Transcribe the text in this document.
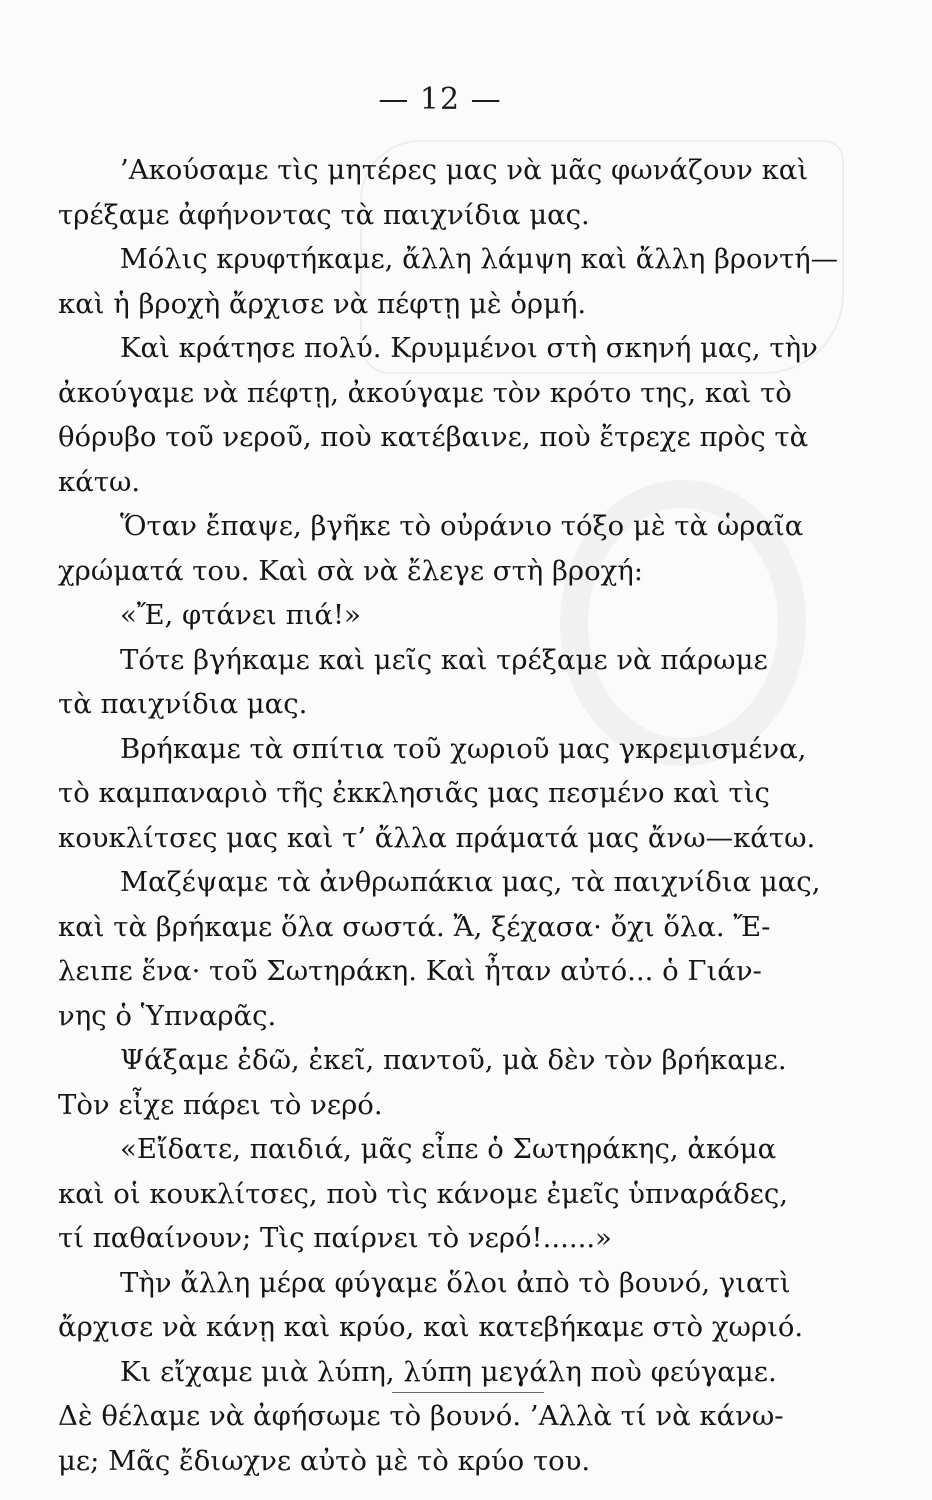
— 12 —
’Ακούσαμε τὶς μητέρες μας νὰ μᾶς φωνάζουν καὶ
τρέξαμε ἀφήνοντας τὰ παιχνίδια μας.
Μόλις κρυφτήκαμε, ἄλλη λάμψη καὶ ἄλλη βροντή—
καὶ ἡ βροχὴ ἄρχισε νὰ πέφτῃ μὲ ὁρμή.
Καὶ κράτησε πολύ. Κρυμμένοι στὴ σκηνή μας, τὴν
ἀκούγαμε νὰ πέφτῃ, ἀκούγαμε τὸν κρότο της, καὶ τὸ
θόρυβο τοῦ νεροῦ, ποὺ κατέβαινε, ποὺ ἔτρεχε πρὸς τὰ
κάτω.
Ὅταν ἔπαψε, βγῆκε τὸ οὐράνιο τόξο μὲ τὰ ὡραῖα
χρώματά του. Καὶ σὰ νὰ ἔλεγε στὴ βροχή:
«Ἔ, φτάνει πιά!»
Τότε βγήκαμε καὶ μεῖς καὶ τρέξαμε νὰ πάρωμε
τὰ παιχνίδια μας.
Βρήκαμε τὰ σπίτια τοῦ χωριοῦ μας γκρεμισμένα,
τὸ καμπαναριὸ τῆς ἐκκλησιᾶς μας πεσμένο καὶ τὶς
κουκλίτσες μας καὶ τ’ ἄλλα πράματά μας ἄνω—κάτω.
Μαζέψαμε τὰ ἀνθρωπάκια μας, τὰ παιχνίδια μας,
καὶ τὰ βρήκαμε ὅλα σωστά. Ἄ, ξέχασα· ὄχι ὅλα. Ἔ-
λειπε ἕνα· τοῦ Σωτηράκη. Καὶ ἦταν αὐτό... ὁ Γιάν-
νης ὁ Ὑπναρᾶς.
Ψάξαμε ἐδῶ, ἐκεῖ, παντοῦ, μὰ δὲν τὸν βρήκαμε.
Τὸν εἶχε πάρει τὸ νερό.
«Εἴδατε, παιδιά, μᾶς εἶπε ὁ Σωτηράκης, ἀκόμα
καὶ οἱ κουκλίτσες, ποὺ τὶς κάνομε ἐμεῖς ὑπναράδες,
τί παθαίνουν; Τὶς παίρνει τὸ νερό!......»
Τὴν ἄλλη μέρα φύγαμε ὅλοι ἀπὸ τὸ βουνό, γιατὶ
ἄρχισε νὰ κάνῃ καὶ κρύο, καὶ κατεβήκαμε στὸ χωριό.
Κι εἴχαμε μιὰ λύπη, λύπη μεγάλη ποὺ φεύγαμε.
Δὲ θέλαμε νὰ ἀφήσωμε τὸ βουνό. ’Αλλὰ τί νὰ κάνω-
με; Μᾶς ἔδιωχνε αὐτὸ μὲ τὸ κρύο του.
